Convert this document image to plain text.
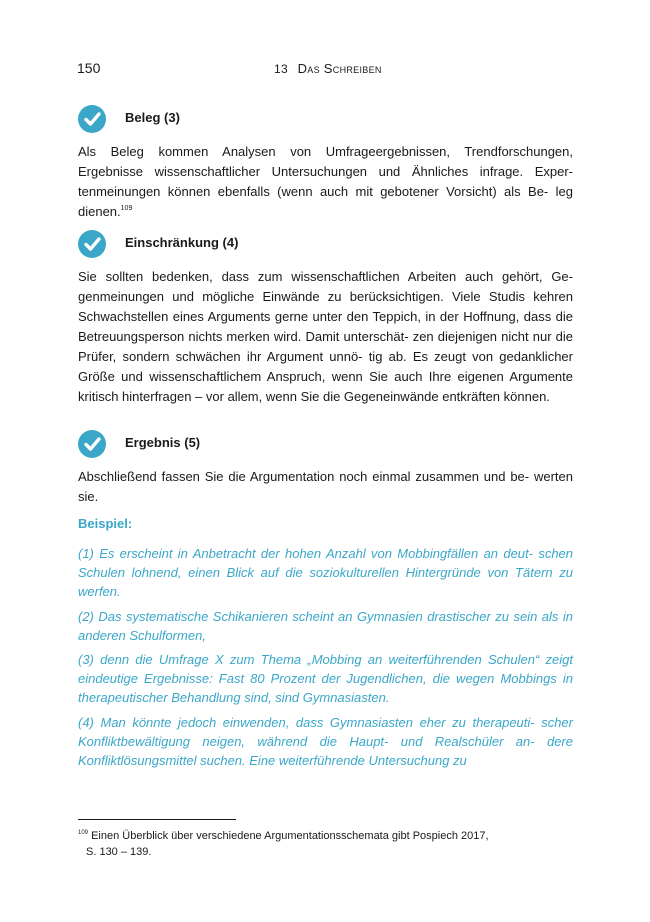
150	13 Das Schreiben
Beleg (3)
Als Beleg kommen Analysen von Umfrageergebnissen, Trendforschungen, Ergebnisse wissenschaftlicher Untersuchungen und Ähnliches infrage. Exper- tenmeinungen können ebenfalls (wenn auch mit gebotener Vorsicht) als Be- leg dienen.$^{109}$
Einschränkung (4)
Sie sollten bedenken, dass zum wissenschaftlichen Arbeiten auch gehört, Ge- genmeinungen und mögliche Einwände zu berücksichtigen. Viele Studis kehren Schwachstellen eines Arguments gerne unter den Teppich, in der Hoffnung, dass die Betreuungsperson nichts merken wird. Damit unterschät- zen diejenigen nicht nur die Prüfer, sondern schwächen ihr Argument unnö- tig ab. Es zeugt von gedanklicher Größe und wissenschaftlichem Anspruch, wenn Sie auch Ihre eigenen Argumente kritisch hinterfragen – vor allem, wenn Sie die Gegeneinwände entkräften können.
Ergebnis (5)
Abschließend fassen Sie die Argumentation noch einmal zusammen und be- werten sie.
Beispiel:
(1) Es erscheint in Anbetracht der hohen Anzahl von Mobbingfällen an deut- schen Schulen lohnend, einen Blick auf die soziokulturellen Hintergründe von Tätern zu werfen.
(2) Das systematische Schikanieren scheint an Gymnasien drastischer zu sein als in anderen Schulformen,
(3) denn die Umfrage X zum Thema „Mobbing an weiterführenden Schulen“ zeigt eindeutige Ergebnisse: Fast 80 Prozent der Jugendlichen, die wegen Mobbings in therapeutischer Behandlung sind, sind Gymnasiasten.
(4) Man könnte jedoch einwenden, dass Gymnasiasten eher zu therapeuti- scher Konfliktbewältigung neigen, während die Haupt- und Realschüler an- dere Konfliktlösungsmittel suchen. Eine weiterführende Untersuchung zu
$^{109}$ Einen Überblick über verschiedene Argumentationsschemata gibt Pospiech 2017,
S. 130 – 139.
